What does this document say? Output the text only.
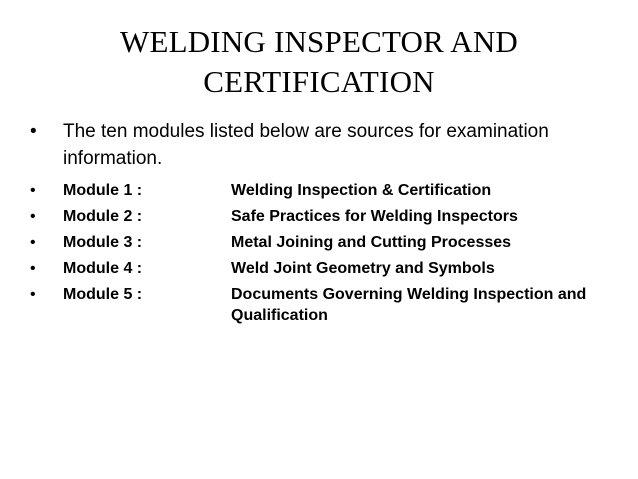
WELDING INSPECTOR AND
CERTIFICATION
• The ten modules listed below are sources for examination information.
• Module 1 :	Welding Inspection & Certification
• Module 2 :	Safe Practices for Welding Inspectors
• Module 3 :	Metal Joining and Cutting Processes
• Module 4 :	Weld Joint Geometry and Symbols
• Module 5 :	Documents Governing Welding Inspection and Qualification
